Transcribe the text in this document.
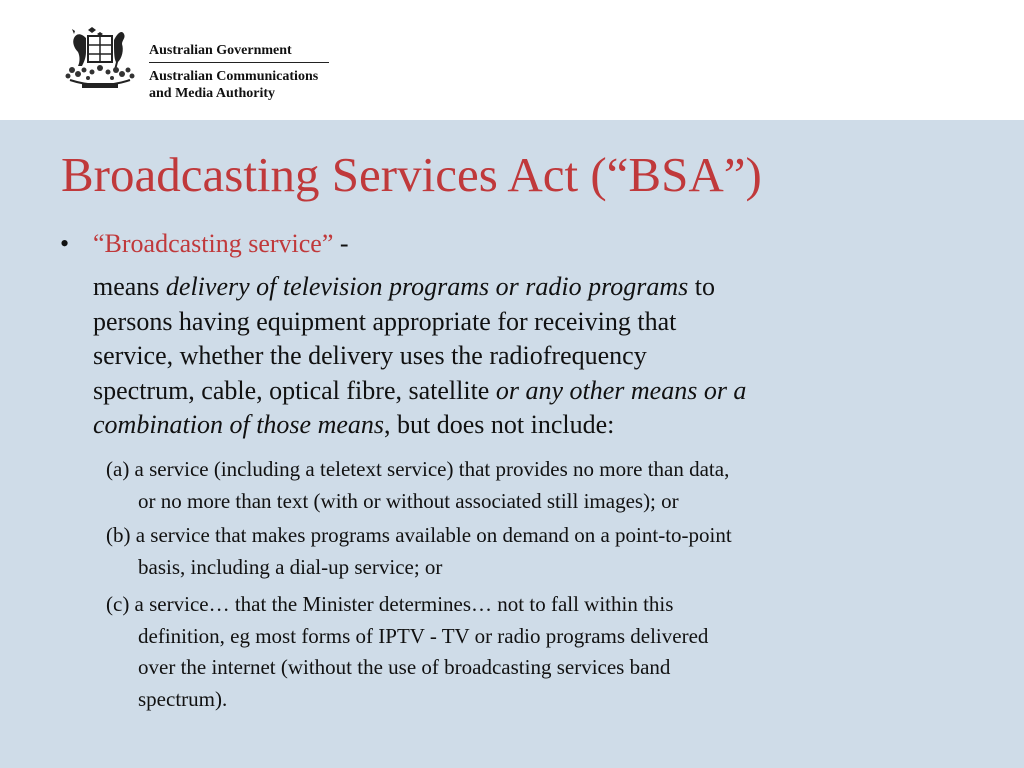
Australian Government
Australian Communications
and Media Authority
Broadcasting Services Act (“BSA”)
• “Broadcasting service” -
means delivery of television programs or radio programs to
persons having equipment appropriate for receiving that
service, whether the delivery uses the radiofrequency
spectrum, cable, optical fibre, satellite or any other means or a
combination of those means, but does not include:
(a) a service (including a teletext service) that provides no more than data,
or no more than text (with or without associated still images); or
(b) a service that makes programs available on demand on a point-to-point
basis, including a dial-up service; or
(c) a service… that the Minister determines… not to fall within this
definition, eg most forms of IPTV - TV or radio programs delivered
over the internet (without the use of broadcasting services band
spectrum).
